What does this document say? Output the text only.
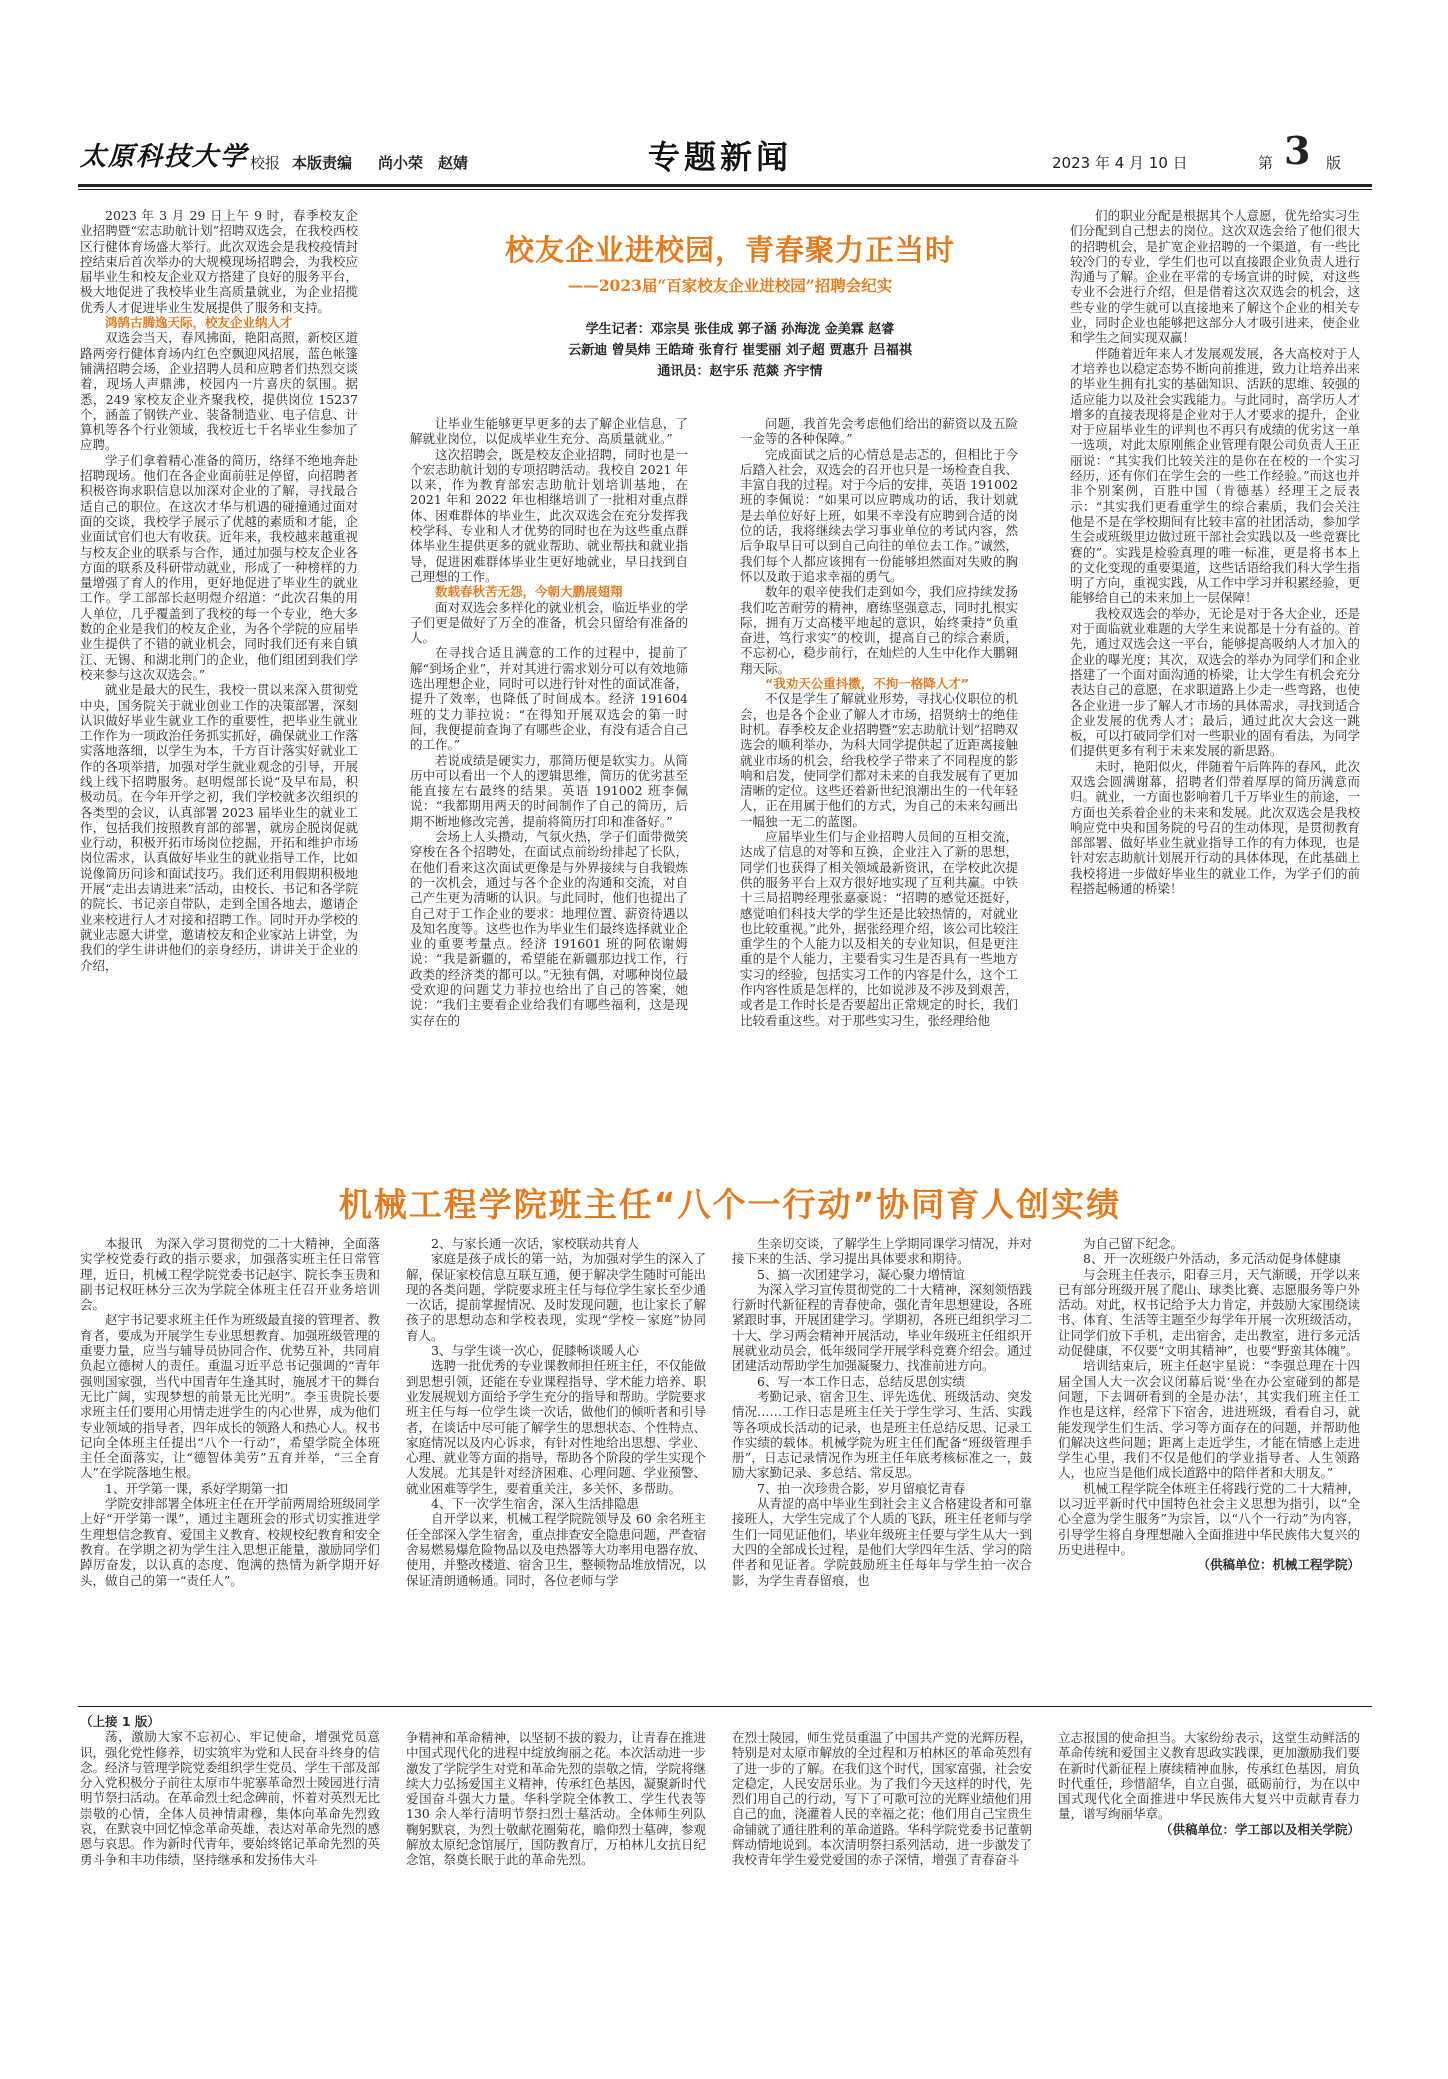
太原科技大学 校报 本版责编 尚小荣　赵婧	专题新闻	2023 年 4 月 10 日	第 3 版
校友企业进校园，青春聚力正当时
——2023届“百家校友企业进校园”招聘会纪实
学生记者：邓宗昊 张佳成 郭子涵 孙海泷 金美霖 赵睿
云新迪 曾昊炜 王皓琦 张育行 崔雯丽 刘子超 贾惠升 吕福祺
通讯员：赵宇乐 范燚 齐宇情

2023 年 3 月 29 日上午 9 时，春季校友企业招聘暨“宏志助航计划”招聘双选会，在我校西校区行健体育场盛大举行。此次双选会是我校疫情封控结束后首次举办的大规模现场招聘会，为我校应届毕业生和校友企业双方搭建了良好的服务平台，极大地促进了我校毕业生高质量就业，为企业招揽优秀人才促进毕业生发展提供了服务和支持。

鸿鹄古腾逸天际，校友企业纳人才

双选会当天，春风拂面，艳阳高照，新校区道路两旁行健体育场内红色空飘迎风招展，蓝色帐篷铺满招聘会场，企业招聘人员和应聘者们热烈交谈着，现场人声鼎沸，校园内一片喜庆的氛围。据悉，249 家校友企业齐聚我校，提供岗位 15237 个，涵盖了钢铁产业、装备制造业、电子信息、计算机等各个行业领域，我校近七千名毕业生参加了应聘。

学子们拿着精心准备的简历，络绎不绝地奔赴招聘现场。他们在各企业面前驻足停留，向招聘者积极咨询求职信息以加深对企业的了解，寻找最合适自己的职位。在这次才华与机遇的碰撞通过面对面的交谈，我校学子展示了优越的素质和才能，企业面试官们也大有收获。近年来，我校越来越重视与校友企业的联系与合作，通过加强与校友企业各方面的联系及科研带动就业，形成了一种榜样的力量增强了育人的作用，更好地促进了毕业生的就业工作。学工部部长赵明煜介绍道：“此次召集的用人单位，几乎覆盖到了我校的每一个专业，绝大多数的企业是我们的校友企业，为各个学院的应届毕业生提供了不错的就业机会，同时我们还有来自镇江、无锡、和湖北荆门的企业，他们组团到我们学校来参与这次双选会。”

就业是最大的民生，我校一贯以来深入贯彻党中央，国务院关于就业创业工作的决策部署，深刻认识做好毕业生就业工作的重要性，把毕业生就业工作作为一项政治任务抓实抓好，确保就业工作落实落地落细，以学生为本，千方百计落实好就业工作的各项举措，加强对学生就业观念的引导，开展线上线下招聘服务。赵明煜部长说“及早布局，积极动员。在今年开学之初，我们学校就多次组织的各类型的会议，认真部署 2023 届毕业生的就业工作，包括我们按照教育部的部署，就房企脱岗促就业行动，积极开拓市场岗位挖掘，开拓和维护市场岗位需求，认真做好毕业生的就业指导工作，比如说像简历问诊和面试技巧。我们还利用假期积极地开展“走出去请进来”活动，由校长、书记和各学院的院长、书记亲自带队，走到全国各地去，邀请企业来校进行人才对接和招聘工作。同时开办学校的就业志愿大讲堂，邀请校友和企业家站上讲堂，为我们的学生讲讲他们的亲身经历，讲讲关于企业的介绍，

让毕业生能够更早更多的去了解企业信息，了解就业岗位，以促成毕业生充分、高质量就业。”

这次招聘会，既是校友企业招聘，同时也是一个宏志助航计划的专项招聘活动。我校自 2021 年以来，作为教育部宏志助航计划培训基地，在 2021 年和 2022 年也相继培训了一批相对重点群体、困难群体的毕业生，此次双选会在充分发挥我校学科、专业和人才优势的同时也在为这些重点群体毕业生提供更多的就业帮助、就业帮扶和就业指导，促进困难群体毕业生更好地就业，早日找到自己理想的工作。

数载春秋苦无怨，今朝大鹏展翅翔

面对双选会多样化的就业机会，临近毕业的学子们更是做好了万全的准备，机会只留给有准备的人。

在寻找合适且满意的工作的过程中，提前了解“到场企业”，并对其进行需求划分可以有效地筛选出理想企业，同时可以进行针对性的面试准备，提升了效率，也降低了时间成本。经济 191604 班的艾力菲拉说：“在得知开展双选会的第一时间，我便提前查询了有哪些企业，有没有适合自己的工作。”

若说成绩是硬实力，那简历便是软实力。从简历中可以看出一个人的逻辑思维，简历的优劣甚至能直接左右最终的结果。英语 191002 班李佩说：“我都期用两天的时间制作了自己的简历，后期不断地修改完善，提前将简历打印和准备好。”

会场上人头攒动，气氛火热，学子们面带微笑穿梭在各个招聘处，在面试点前纷纷排起了长队，在他们看来这次面试更像是与外界接续与自我锻炼的一次机会，通过与各个企业的沟通和交流，对自己产生更为清晰的认识。与此同时，他们也提出了自己对于工作企业的要求：地理位置、薪资待遇以及知名度等。这些也作为毕业生们最终选择就业企业的重要考量点。经济 191601 班的阿依谢姆说：“我是新疆的，希望能在新疆那边找工作，行政类的经济类的都可以。”无独有偶，对哪种岗位最受欢迎的问题艾力菲拉也给出了自己的答案，她说：“我们主要看企业给我们有哪些福利，这是现实存在的

问题，我首先会考虑他们给出的薪资以及五险一金等的各种保障。”

完成面试之后的心情总是忐忑的，但相比于今后踏入社会，双选会的召开也只是一场检查自我、丰富自我的过程。对于今后的安排，英语 191002 班的李佩说：“如果可以应聘成功的话，我计划就是去单位好好上班，如果不幸没有应聘到合适的岗位的话，我将继续去学习事业单位的考试内容，然后争取早日可以到自己向往的单位去工作。”诚然，我们每个人都应该拥有一份能够坦然面对失败的胸怀以及敢于追求幸福的勇气。

数年的艰辛使我们走到如今，我们应持续发扬我们吃苦耐劳的精神，磨练坚强意志，同时扎根实际，拥有万丈高楼平地起的意识，始终秉持“负重奋进，笃行求实”的校训，提高自己的综合素质，不忘初心，稳步前行，在灿烂的人生中化作大鹏翱翔天际。

“我劝天公重抖擞，不拘一格降人才”

不仅是学生了解就业形势，寻找心仪职位的机会，也是各个企业了解人才市场，招贤纳士的绝佳时机。春季校友企业招聘暨“宏志助航计划”招聘双选会的顺利举办，为科大同学提供起了近距离接触就业市场的机会，给我校学子带来了不同程度的影响和启发，使同学们都对未来的自我发展有了更加清晰的定位。这些还着新世纪浪潮出生的一代年轻人，正在用属于他们的方式，为自己的未来勾画出一幅独一无二的蓝图。

应届毕业生们与企业招聘人员间的互相交流，达成了信息的对等和互换，企业注入了新的思想，同学们也获得了相关领域最新资讯，在学校此次提供的服务平台上双方很好地实现了互利共赢。中铁十三局招聘经理张嘉豪说：“招聘的感觉还挺好，感觉咱们科技大学的学生还是比较热情的，对就业也比较重视。”此外，据张经理介绍，该公司比较注重学生的个人能力以及相关的专业知识，但是更注重的是个人能力，主要看实习生是否具有一些地方实习的经验，包括实习工作的内容是什么，这个工作内容性质是怎样的，比如说涉及不涉及到艰苦，或者是工作时长是否要超出正常规定的时长，我们比较看重这些。对于那些实习生，张经理给他

们的职业分配是根据其个人意愿，优先给实习生们分配到自己想去的岗位。这次双选会给了他们很大的招聘机会，是扩宽企业招聘的一个渠道，有一些比较冷门的专业，学生们也可以直接跟企业负责人进行沟通与了解。企业在平常的专场宣讲的时候，对这些专业不会进行介绍，但是借着这次双选会的机会，这些专业的学生就可以直接地来了解这个企业的相关专业，同时企业也能够把这部分人才吸引进来，使企业和学生之间实现双赢！

伴随着近年来人才发展观发展，各大高校对于人才培养也以稳定态势不断向前推进，致力让培养出来的毕业生拥有扎实的基础知识、活跃的思维、较强的适应能力以及社会实践能力。与此同时，高学历人才增多的直接表现将是企业对于人才要求的提升，企业对于应届毕业生的评判也不再只有成绩的优劣这一单一选项，对此太原刚熊企业管理有限公司负责人王正丽说：“其实我们比较关注的是你在在校的一个实习经历，还有你们在学生会的一些工作经验。”而这也并非个别案例，百胜中国（肯德基）经理王之辰表示：“其实我们更看重学生的综合素质，我们会关注他是不是在学校期间有比较丰富的社团活动，参加学生会或班级里边做过班干部社会实践以及一些竞赛比赛的”。实践是检验真理的唯一标准，更是将书本上的文化变现的重要渠道，这些话语给我们科大学生指明了方向，重视实践，从工作中学习并积累经验，更能够给自己的未来加上一层保障！

我校双选会的举办，无论是对于各大企业，还是对于面临就业难题的大学生来说都是十分有益的。首先，通过双选会这一平台，能够提高吸纳人才加入的企业的曝光度；其次，双选会的举办为同学们和企业搭建了一个面对面沟通的桥梁，让大学生有机会充分表达自己的意愿，在求职道路上少走一些弯路，也使各企业进一步了解人才市场的具体需求，寻找到适合企业发展的优秀人才；最后，通过此次大会这一跳板，可以打破同学们对一些职业的固有看法，为同学们提供更多有利于未来发展的新思路。

未时，艳阳似火，伴随着午后阵阵的春风，此次双选会圆满谢幕，招聘者们带着厚厚的简历满意而归。就业，一方面也影响着几千万毕业生的前途，一方面也关系着企业的未来和发展。此次双选会是我校响应党中央和国务院的号召的生动体现，是贯彻教育部部署、做好毕业生就业指导工作的有力体现，也是针对宏志助航计划展开行动的具体体现，在此基础上我校将进一步做好毕业生的就业工作，为学子们的前程搭起畅通的桥梁！

机械工程学院班主任“八个一行动”协同育人创实绩

本报讯　为深入学习贯彻党的二十大精神，全面落实学校党委行政的指示要求，加强落实班主任日常管理，近日，机械工程学院党委书记赵宇、院长李玉贵和副书记权旺林分三次为学院全体班主任召开业务培训会。

赵宇书记要求班主任作为班级最直接的管理者、教育者，要成为开展学生专业思想教育、加强班级管理的重要力量，应当与辅导员协同合作、优势互补，共同肩负起立德树人的责任。重温习近平总书记强调的“青年强则国家强，当代中国青年生逢其时，施展才干的舞台无比广阔，实现梦想的前景无比光明”。李玉贵院长要求班主任们要用心用情走进学生的内心世界，成为他们专业领域的指导者，四年成长的领路人和热心人。权书记向全体班主任提出“八个一行动”，希望学院全体班主任全面落实，让“德智体美劳”五育并举，“三全育人”在学院落地生根。

1、开学第一课，系好学期第一扣

学院安排部署全体班主任在开学前两周给班级同学上好“开学第一课”，通过主题班会的形式切实推进学生理想信念教育、爱国主义教育、校规校纪教育和安全教育。在学期之初为学生注入思想正能量，激励同学们踔厉奋发，以认真的态度、饱满的热情为新学期开好头，做自己的第一“责任人”。

2、与家长通一次话，家校联动共育人

家庭是孩子成长的第一站，为加强对学生的深入了解，保证家校信息互联互通，便于解决学生随时可能出现的各类问题，学院要求班主任与每位学生家长至少通一次话，提前掌握情况、及时发现问题，也让家长了解孩子的思想动态和学校表现，实现“学校－家庭”协同育人。

3、与学生谈一次心，促膝畅谈暖人心

选聘一批优秀的专业课教师担任班主任，不仅能做到思想引领，还能在专业课程指导、学术能力培养、职业发展规划方面给予学生充分的指导和帮助。学院要求班主任与每一位学生谈一次话，做他们的倾听者和引导者，在谈话中尽可能了解学生的思想状态、个性特点、家庭情况以及内心诉求，有针对性地给出思想、学业、心理、就业等方面的指导，帮助各个阶段的学生实现个人发展。尤其是针对经济困难、心理问题、学业预警、就业困难等学生，要着重关注，多关怀、多帮助。

4、下一次学生宿舍，深入生活排隐患

自开学以来，机械工程学院院领导及 60 余名班主任全部深入学生宿舍，重点排查安全隐患问题，严查宿舍易燃易爆危险物品以及电热器等大功率用电器存放、使用，并整改楼道、宿舍卫生，整顿物品堆放情况，以保证清朗通畅通。同时，各位老师与学

生亲切交谈，了解学生上学期同课学习情况，并对接下来的生活、学习提出具体要求和期待。

5、搞一次团建学习，凝心聚力增情谊

为深入学习宣传贯彻党的二十大精神，深刻领悟践行新时代新征程的青春使命，强化青年思想建设，各班紧跟时事，开展团建学习。学期初，各班已组织学习二十大、学习两会精神开展活动，毕业年级班主任组织开展就业动员会，低年级同学开展学科竞赛介绍会。通过团建活动帮助学生加强凝聚力、找准前进方向。

6、写一本工作日志，总结反思创实绩

考勤记录、宿舍卫生、评先选优、班级活动、突发情况……工作日志是班主任关于学生学习、生活、实践等各项成长活动的记录，也是班主任总结反思、记录工作实绩的载体。机械学院为班主任们配备“班级管理手册”，日志记录情况作为班主任年底考核标准之一，鼓励大家勤记录、多总结、常反思。

7、拍一次珍贵合影，岁月留痕忆青春

从青涩的高中毕业生到社会主义合格建设者和可靠接班人，大学生完成了个人质的飞跃，班主任老师与学生们一同见证他们，毕业年级班主任要与学生从大一到大四的全部成长过程，是他们大学四年生活、学习的陪伴者和见证者。学院鼓励班主任每年与学生拍一次合影，为学生青春留痕，也

为自己留下纪念。

8、开一次班级户外活动，多元活动促身体健康

与会班主任表示，阳春三月，天气渐暖，开学以来已有部分班级开展了爬山、球类比赛、志愿服务等户外活动。对此，权书记给予大力肯定，并鼓励大家围绕读书、体育、生活等主题至少每学年开展一次班级活动，让同学们放下手机，走出宿舍，走出教室，进行多元活动促健康，不仅要“文明其精神”，也要“野蛮其体魄”。

培训结束后，班主任赵宇星说：“李强总理在十四届全国人大一次会议闭幕后说‘坐在办公室碰到的都是问题，下去调研看到的全是办法’，其实我们班主任工作也是这样，经常下下宿舍，进进班级，看看自习，就能发现学生们生活、学习等方面存在的问题，并帮助他们解决这些问题；距离上走近学生，才能在情感上走进学生心里，我们不仅是他们的学业指导者、人生领路人，也应当是他们成长道路中的陪伴者和大朋友。”

机械工程学院全体班主任将践行党的二十大精神，以习近平新时代中国特色社会主义思想为指引，以“全心全意为学生服务”为宗旨，以“八个一行动”为内容，引导学生将自身理想融入全面推进中华民族伟大复兴的历史进程中。

（供稿单位：机械工程学院）

（上接 1 版）

荡，激励大家不忘初心、牢记使命，增强党员意识，强化党性修养，切实筑牢为党和人民奋斗终身的信念。经济与管理学院党委组织学生党员、学生干部及部分入党积极分子前往太原市牛驼寨革命烈士陵园进行清明节祭扫活动。在革命烈士纪念碑前，怀着对英烈无比崇敬的心情，全体人员神情肃穆，集体向革命先烈致哀，在默哀中回忆悼念革命英雄，表达对革命先烈的感恩与哀思。作为新时代青年，要始终铭记革命先烈的英勇斗争和丰功伟绩，坚持继承和发扬伟大斗

争精神和革命精神，以坚韧不拔的毅力，让青春在推进中国式现代化的进程中绽放绚丽之花。本次活动进一步激发了学院学生对党和革命先烈的崇敬之情，学院将继续大力弘扬爱国主义精神，传承红色基因，凝聚新时代爱国奋斗强大力量。华科学院全体教工、学生代表等 130 余人举行清明节祭扫烈士墓活动。全体师生列队鞠躬默哀，为烈士敬献花圈菊花，瞻仰烈士墓碑，参观解放太原纪念馆展厅，国防教育厅，万柏林儿女抗日纪念馆，祭奠长眠于此的革命先烈。

在烈士陵园，师生党员重温了中国共产党的光辉历程，特别是对太原市解放的全过程和万柏林区的革命英烈有了进一步的了解。在我们这个时代，国家富强，社会安定稳定，人民安居乐业。为了我们今天这样的时代，先烈们用自己的行动，写下了可歌可泣的光辉业绩他们用自己的血，浇灌着人民的幸福之花；他们用自己宝贵生命铺就了通往胜利的革命道路。华科学院党委书记董朝辉动情地说到。本次清明祭扫系列活动，进一步激发了我校青年学生爱党爱国的赤子深情，增强了青春奋斗

立志报国的使命担当。大家纷纷表示，这堂生动鲜活的革命传统和爱国主义教育思政实践课，更加激励我们要在新时代新征程上赓续精神血脉，传承红色基因，肩负时代重任，珍惜韶华，自立自强，砥砺前行，为在以中国式现代化全面推进中华民族伟大复兴中贡献青春力量，谱写绚丽华章。

（供稿单位：学工部以及相关学院）
